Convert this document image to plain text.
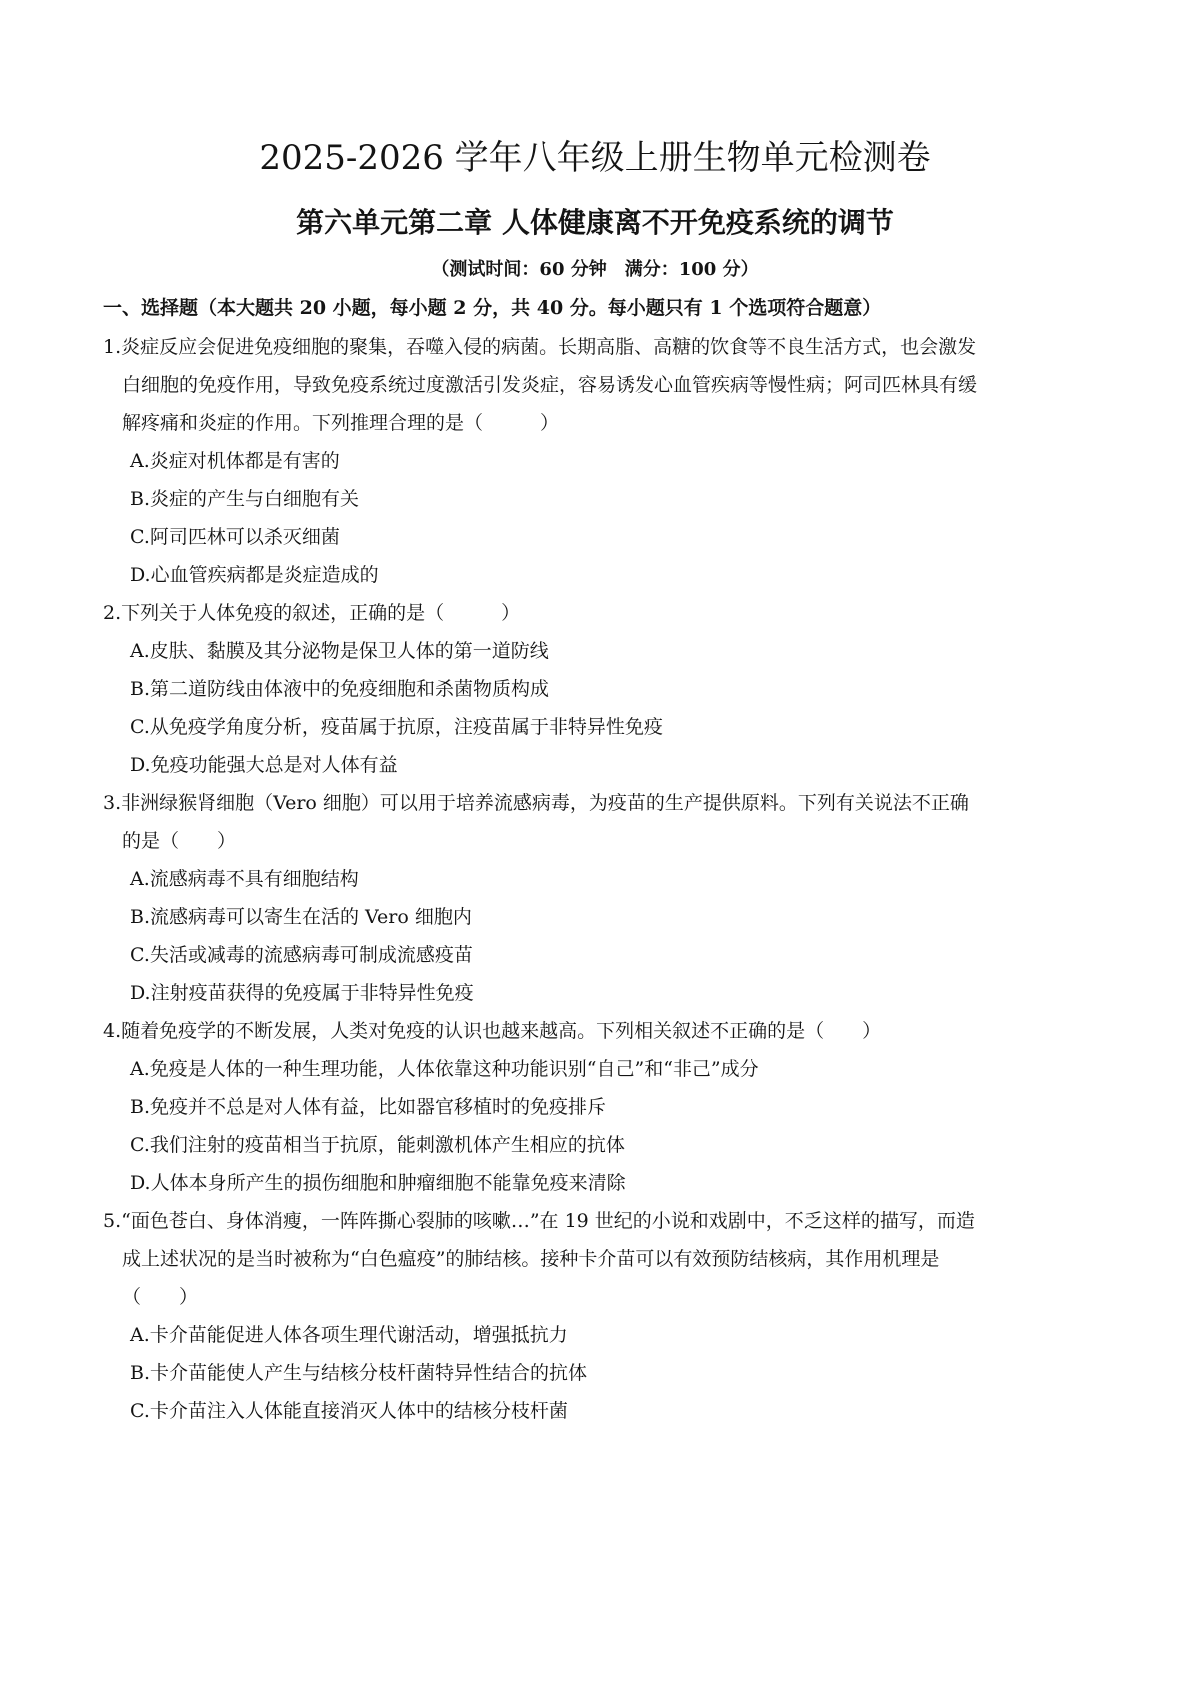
2025-2026 学年八年级上册生物单元检测卷
第六单元第二章 人体健康离不开免疫系统的调节
（测试时间：60 分钟　满分：100 分）
一、选择题（本大题共 20 小题，每小题 2 分，共 40 分。每小题只有 1 个选项符合题意）
1.炎症反应会促进免疫细胞的聚集，吞噬入侵的病菌。长期高脂、高糖的饮食等不良生活方式，也会激发
白细胞的免疫作用，导致免疫系统过度激活引发炎症，容易诱发心血管疾病等慢性病；阿司匹林具有缓
解疼痛和炎症的作用。下列推理合理的是（　　　）
A.炎症对机体都是有害的
B.炎症的产生与白细胞有关
C.阿司匹林可以杀灭细菌
D.心血管疾病都是炎症造成的
2.下列关于人体免疫的叙述，正确的是（　　　）
A.皮肤、黏膜及其分泌物是保卫人体的第一道防线
B.第二道防线由体液中的免疫细胞和杀菌物质构成
C.从免疫学角度分析，疫苗属于抗原，注疫苗属于非特异性免疫
D.免疫功能强大总是对人体有益
3.非洲绿猴肾细胞（Vero 细胞）可以用于培养流感病毒，为疫苗的生产提供原料。下列有关说法不正确
的是（　　）
A.流感病毒不具有细胞结构
B.流感病毒可以寄生在活的 Vero 细胞内
C.失活或减毒的流感病毒可制成流感疫苗
D.注射疫苗获得的免疫属于非特异性免疫
4.随着免疫学的不断发展，人类对免疫的认识也越来越高。下列相关叙述不正确的是（　　）
A.免疫是人体的一种生理功能，人体依靠这种功能识别“自己”和“非己”成分
B.免疫并不总是对人体有益，比如器官移植时的免疫排斥
C.我们注射的疫苗相当于抗原，能刺激机体产生相应的抗体
D.人体本身所产生的损伤细胞和肿瘤细胞不能靠免疫来清除
5.“面色苍白、身体消瘦，一阵阵撕心裂肺的咳嗽…”在 19 世纪的小说和戏剧中，不乏这样的描写，而造
成上述状况的是当时被称为“白色瘟疫”的肺结核。接种卡介苗可以有效预防结核病，其作用机理是
（　　）
A.卡介苗能促进人体各项生理代谢活动，增强抵抗力
B.卡介苗能使人产生与结核分枝杆菌特异性结合的抗体
C.卡介苗注入人体能直接消灭人体中的结核分枝杆菌
